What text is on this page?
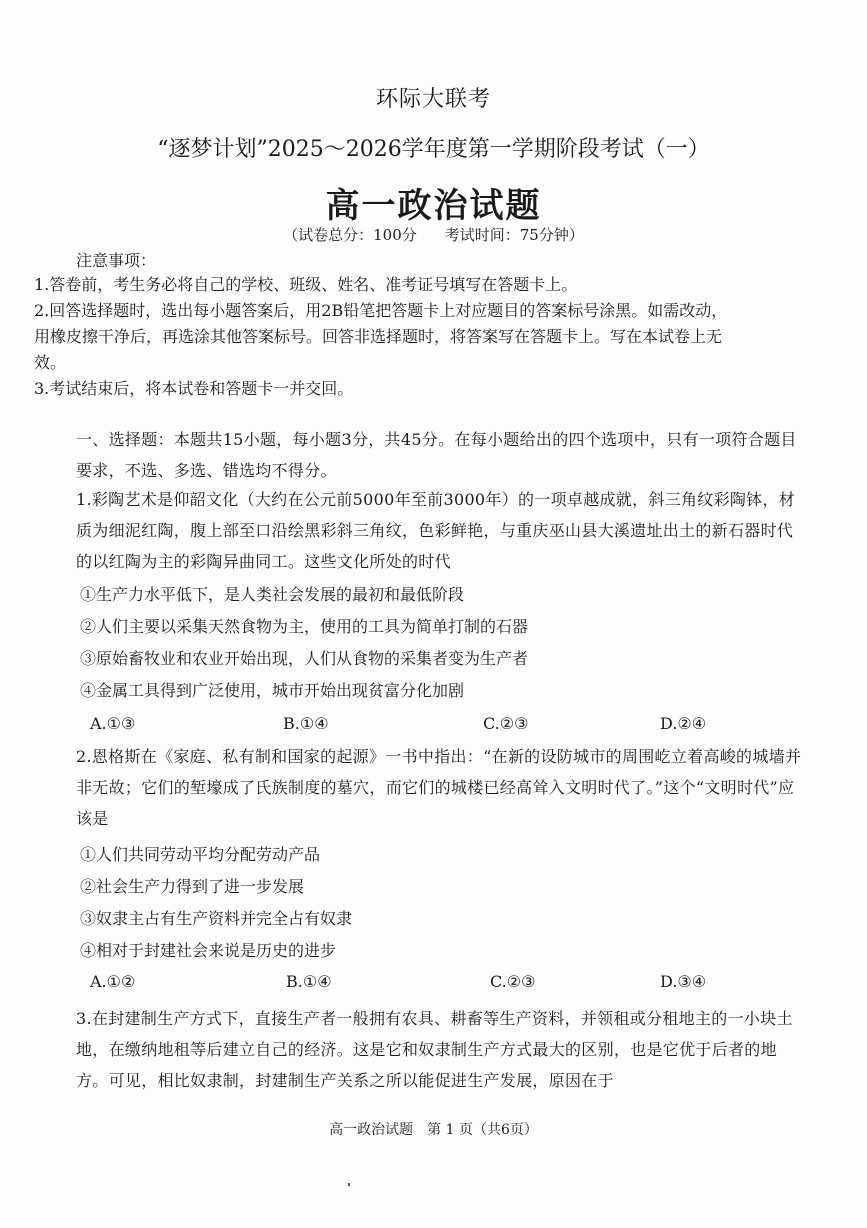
环际大联考
“逐梦计划”2025～2026学年度第一学期阶段考试（一）
高一政治试题
（试卷总分：100分 考试时间：75分钟）
注意事项：
1.答卷前，考生务必将自己的学校、班级、姓名、准考证号填写在答题卡上。
2.回答选择题时，选出每小题答案后，用2B铅笔把答题卡上对应题目的答案标号涂黑。如需改动，用橡皮擦干净后，再选涂其他答案标号。回答非选择题时，将答案写在答题卡上。写在本试卷上无效。
3.考试结束后，将本试卷和答题卡一并交回。
一、选择题：本题共15小题，每小题3分，共45分。在每小题给出的四个选项中，只有一项符合题目要求，不选、多选、错选均不得分。
1.彩陶艺术是仰韶文化（大约在公元前5000年至前3000年）的一项卓越成就，斜三角纹彩陶钵，材质为细泥红陶，腹上部至口沿绘黑彩斜三角纹，色彩鲜艳，与重庆巫山县大溪遗址出土的新石器时代的以红陶为主的彩陶异曲同工。这些文化所处的时代
①生产力水平低下，是人类社会发展的最初和最低阶段
②人们主要以采集天然食物为主，使用的工具为简单打制的石器
③原始畜牧业和农业开始出现，人们从食物的采集者变为生产者
④金属工具得到广泛使用，城市开始出现贫富分化加剧
A.①③	B.①④	C.②③	D.②④
2.恩格斯在《家庭、私有制和国家的起源》一书中指出：“在新的设防城市的周围屹立着高峻的城墙并非无故；它们的堑壕成了氏族制度的墓穴，而它们的城楼已经高耸入文明时代了。”这个“文明时代”应该是
①人们共同劳动平均分配劳动产品
②社会生产力得到了进一步发展
③奴隶主占有生产资料并完全占有奴隶
④相对于封建社会来说是历史的进步
A.①②	B.①④	C.②③	D.③④
3.在封建制生产方式下，直接生产者一般拥有农具、耕畜等生产资料，并领租或分租地主的一小块土地，在缴纳地租等后建立自己的经济。这是它和奴隶制生产方式最大的区别，也是它优于后者的地方。可见，相比奴隶制，封建制生产关系之所以能促进生产发展，原因在于
高一政治试题　第 1 页（共6页）
